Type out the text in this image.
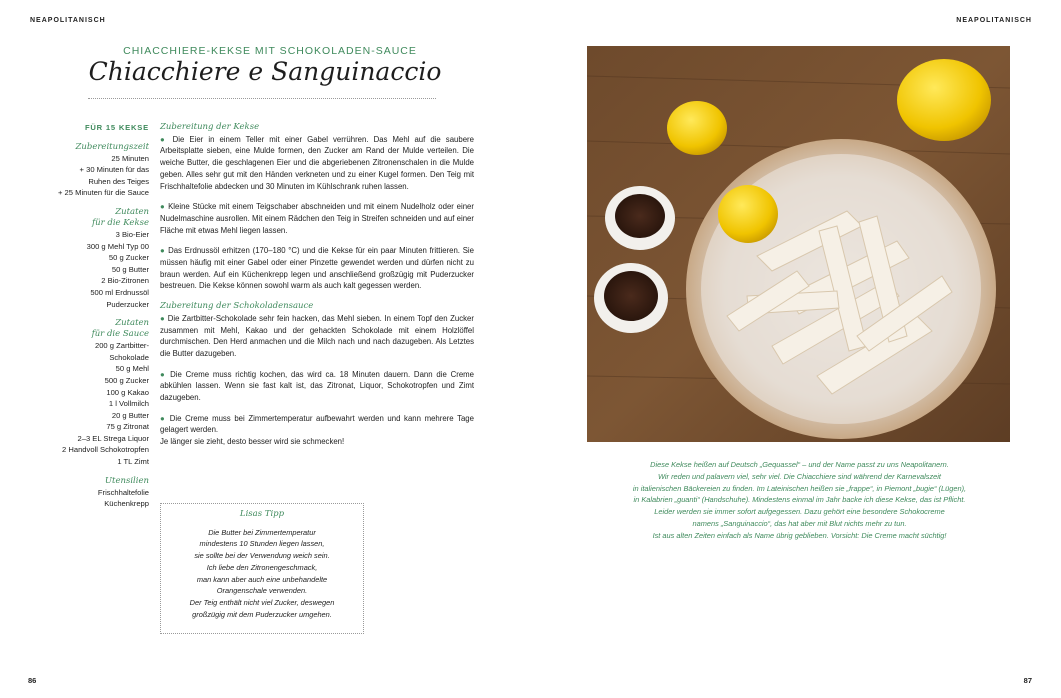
NEAPOLITANISCH
CHIACCHIERE-KEKSE MIT SCHOKOLADEN-SAUCE
Chiacchiere e Sanguinaccio
FÜR 15 KEKSE
Zubereitungszeit
25 Minuten
+ 30 Minuten für das
Ruhen des Teiges
+ 25 Minuten für die Sauce
Zutaten
für die Kekse
3 Bio-Eier
300 g Mehl Typ 00
50 g Zucker
50 g Butter
2 Bio-Zitronen
500 ml Erdnussöl
Puderzucker
Zutaten
für die Sauce
200 g Zartbitter-
Schokolade
50 g Mehl
500 g Zucker
100 g Kakao
1 l Vollmilch
20 g Butter
75 g Zitronat
2–3 EL Strega Liquor
2 Handvoll Schokotropfen
1 TL Zimt
Utensilien
Frischhaltefolie
Küchenkrepp
Zubereitung der Kekse

● Die Eier in einem Teller mit einer Gabel verrühren. Das Mehl auf die saubere Arbeitsplatte sieben, eine Mulde formen, den Zucker am Rand der Mulde verteilen. Die weiche Butter, die geschlagenen Eier und die abgeriebenen Zitronenschalen in die Mulde geben. Alles sehr gut mit den Händen verkneten und zu einer Kugel formen. Den Teig mit Frischhaltefolie abdecken und 30 Minuten im Kühlschrank ruhen lassen.

● Kleine Stücke mit einem Teigschaber abschneiden und mit einem Nudelholz oder einer Nudelmaschine ausrollen. Mit einem Rädchen den Teig in Streifen schneiden und auf einer Fläche mit etwas Mehl liegen lassen.

● Das Erdnussöl erhitzen (170–180 °C) und die Kekse für ein paar Minuten frittieren. Sie müssen häufig mit einer Gabel oder einer Pinzette gewendet werden und dürfen nicht zu braun werden. Auf ein Küchenkrepp legen und anschließend großzügig mit Puderzucker bestreuen. Die Kekse können sowohl warm als auch kalt gegessen werden.

Zubereitung der Schokoladensauce

● Die Zartbitter-Schokolade sehr fein hacken, das Mehl sieben. In einem Topf den Zucker zusammen mit Mehl, Kakao und der gehackten Schokolade mit einem Holzlöffel durchmischen. Den Herd anmachen und die Milch nach und nach dazugeben. Als Letztes die Butter dazugeben.

● Die Creme muss richtig kochen, das wird ca. 18 Minuten dauern. Dann die Creme abkühlen lassen. Wenn sie fast kalt ist, das Zitronat, Liquor, Schokotropfen und Zimt dazugeben.

● Die Creme muss bei Zimmertemperatur aufbewahrt werden und kann mehrere Tage gelagert werden.

Je länger sie zieht, desto besser wird sie schmecken!
Lisas Tipp
Die Butter bei Zimmertemperatur
mindestens 10 Stunden liegen lassen,
sie sollte bei der Verwendung weich sein.
Ich liebe den Zitronengeschmack,
man kann aber auch eine unbehandelte
Orangenschale verwenden.
Der Teig enthält nicht viel Zucker, deswegen
großzügig mit dem Puderzucker umgehen.
86
NEAPOLITANISCH
Diese Kekse heißen auf Deutsch „Gequassel“ – und der Name passt zu uns Neapolitanern.
Wir reden und palavern viel, sehr viel. Die Chiacchiere sind während der Karnevalszeit
in italienischen Bäckereien zu finden. Im Lateinischen heißen sie „frappe“, in Piemont „bugie“ (Lügen),
in Kalabrien „guanti“ (Handschuhe). Mindestens einmal im Jahr backe ich diese Kekse, das ist Pflicht.
Leider werden sie immer sofort aufgegessen. Dazu gehört eine besondere Schokocreme
namens „Sanguinaccio“, das hat aber mit Blut nichts mehr zu tun.
Ist aus alten Zeiten einfach als Name übrig geblieben. Vorsicht: Die Creme macht süchtig!
87
